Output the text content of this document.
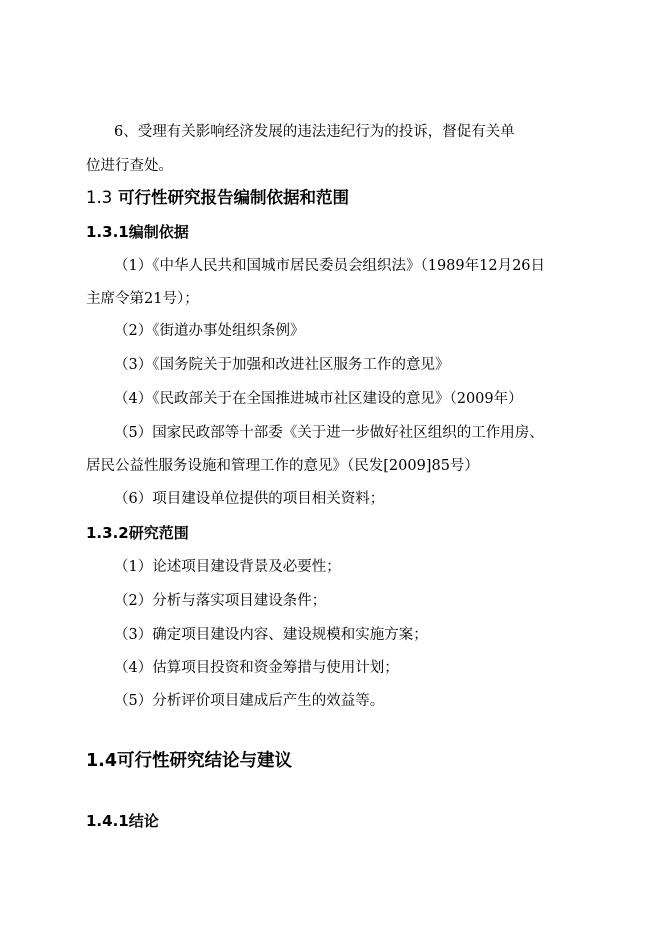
6、受理有关影响经济发展的违法违纪行为的投诉，督促有关单
位进行查处。
1.3 可行性研究报告编制依据和范围
1.3.1编制依据
（1）《中华人民共和国城市居民委员会组织法》（1989年12月26日
主席令第21号）；
（2）《街道办事处组织条例》
（3）《国务院关于加强和改进社区服务工作的意见》
（4）《民政部关于在全国推进城市社区建设的意见》（2009年）
（5）国家民政部等十部委《关于进一步做好社区组织的工作用房、
居民公益性服务设施和管理工作的意见》（民发[2009]85号）
（6）项目建设单位提供的项目相关资料；
1.3.2研究范围
（1）论述项目建设背景及必要性；
（2）分析与落实项目建设条件；
（3）确定项目建设内容、建设规模和实施方案；
（4）估算项目投资和资金筹措与使用计划；
（5）分析评价项目建成后产生的效益等。
1.4可行性研究结论与建议
1.4.1结论
